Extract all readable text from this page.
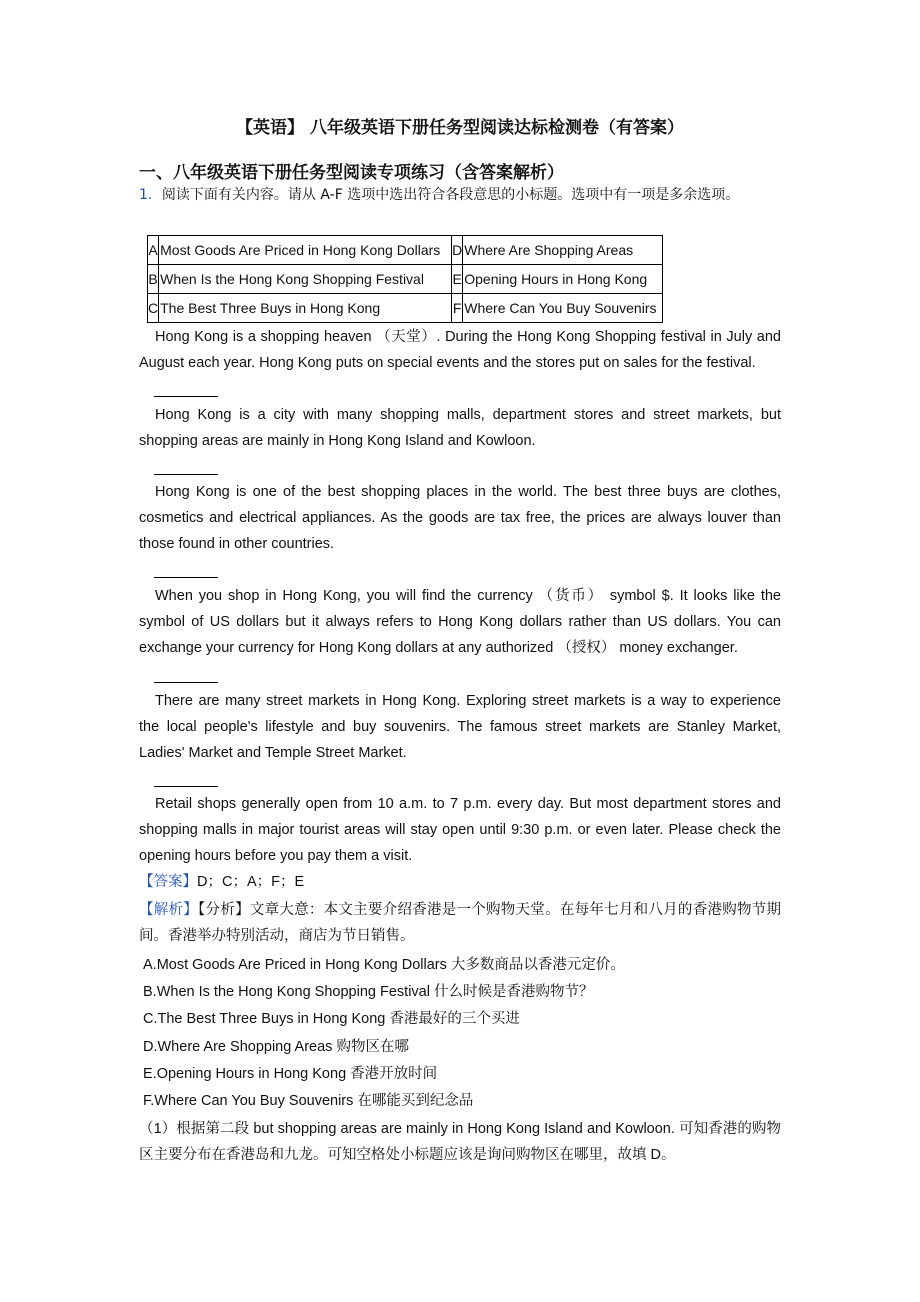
【英语】 八年级英语下册任务型阅读达标检测卷（有答案）
一、八年级英语下册任务型阅读专项练习（含答案解析）
1．阅读下面有关内容。请从 A-F 选项中选出符合各段意思的小标题。选项中有一项是多余选项。
A	Most Goods Are Priced in Hong Kong Dollars	D	Where Are Shopping Areas
B	When Is the Hong Kong Shopping Festival	E	Opening Hours in Hong Kong
C	The Best Three Buys in Hong Kong	F	Where Can You Buy Souvenirs
Hong Kong is a shopping heaven （天堂）. During the Hong Kong Shopping festival in July and August each year. Hong Kong puts on special events and the stores put on sales for the festival.
Hong Kong is a city with many shopping malls, department stores and street markets, but shopping areas are mainly in Hong Kong Island and Kowloon.
Hong Kong is one of the best shopping places in the world. The best three buys are clothes, cosmetics and electrical appliances. As the goods are tax free, the prices are always louver than those found in other countries.
When you shop in Hong Kong, you will find the currency （货币） symbol $. It looks like the symbol of US dollars but it always refers to Hong Kong dollars rather than US dollars. You can exchange your currency for Hong Kong dollars at any authorized （授权） money exchanger.
There are many street markets in Hong Kong. Exploring street markets is a way to experience the local people's lifestyle and buy souvenirs. The famous street markets are Stanley Market, Ladies' Market and Temple Street Market.
Retail shops generally open from 10 a.m. to 7 p.m. every day. But most department stores and shopping malls in major tourist areas will stay open until 9:30 p.m. or even later. Please check the opening hours before you pay them a visit.
【答案】D；C；A；F；E
【解析】【分析】文章大意：本文主要介绍香港是一个购物天堂。在每年七月和八月的香港购物节期间。香港举办特别活动，商店为节日销售。
A.Most Goods Are Priced in Hong Kong Dollars 大多数商品以香港元定价。
B.When Is the Hong Kong Shopping Festival 什么时候是香港购物节？
C.The Best Three Buys in Hong Kong 香港最好的三个买进
D.Where Are Shopping Areas 购物区在哪
E.Opening Hours in Hong Kong 香港开放时间
F.Where Can You Buy Souvenirs 在哪能买到纪念品
（1）根据第二段 but shopping areas are mainly in Hong Kong Island and Kowloon. 可知香港的购物区主要分布在香港岛和九龙。可知空格处小标题应该是询问购物区在哪里，故填 D。
